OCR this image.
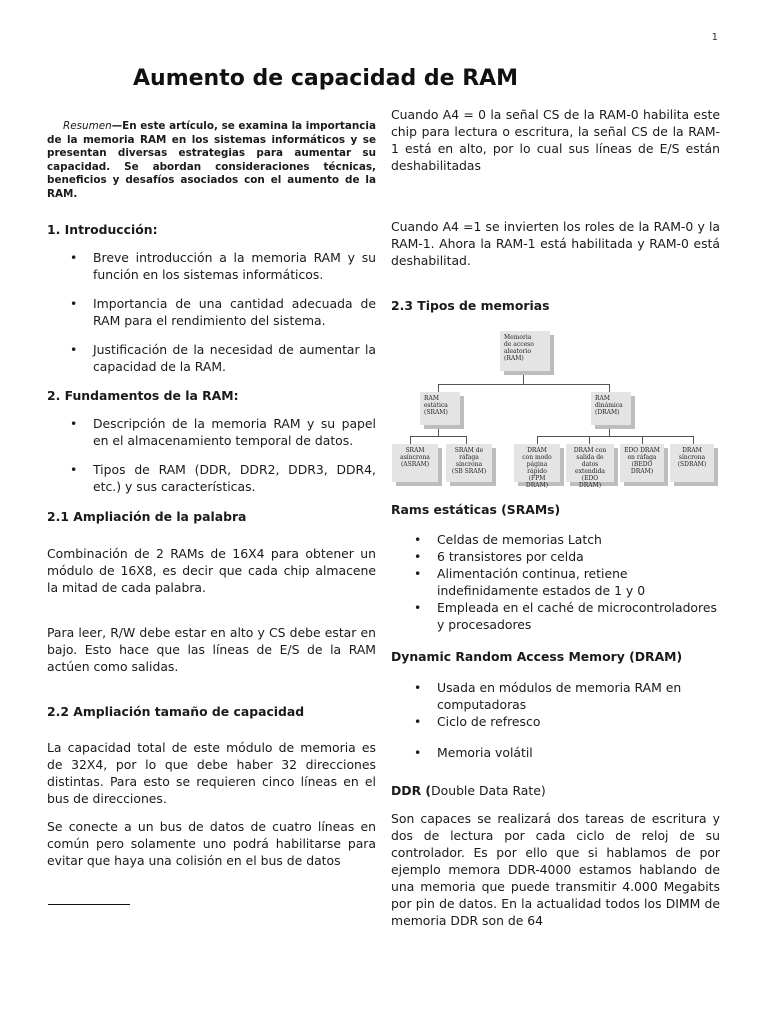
1
Aumento de capacidad de RAM

Resumen—En este artículo, se examina la importancia de la memoria RAM en los sistemas informáticos y se presentan diversas estrategias para aumentar su capacidad. Se abordan consideraciones técnicas, beneficios y desafíos asociados con el aumento de la RAM.

1. Introducción:
• Breve introducción a la memoria RAM y su función en los sistemas informáticos.
• Importancia de una cantidad adecuada de RAM para el rendimiento del sistema.
• Justificación de la necesidad de aumentar la capacidad de la RAM.
2. Fundamentos de la RAM:
• Descripción de la memoria RAM y su papel en el almacenamiento temporal de datos.
• Tipos de RAM (DDR, DDR2, DDR3, DDR4, etc.) y sus características.
2.1 Ampliación de la palabra

Combinación de 2 RAMs de 16X4 para obtener un módulo de 16X8, es decir que cada chip almacene la mitad de cada palabra.

Para leer, R/W debe estar en alto y CS debe estar en bajo. Esto hace que las líneas de E/S de la RAM actúen como salidas.

2.2 Ampliación tamaño de capacidad

La capacidad total de este módulo de memoria es de 32X4, por lo que debe haber 32 direcciones distintas. Para esto se requieren cinco líneas en el bus de direcciones.

Se conecte a un bus de datos de cuatro líneas en común pero solamente uno podrá habilitarse para evitar que haya una colisión en el bus de datos

Cuando A4 = 0 la señal CS de la RAM-0 habilita este chip para lectura o escritura, la señal CS de la RAM-1 está en alto, por lo cual sus líneas de E/S están deshabilitadas

Cuando A4 =1 se invierten los roles de la RAM-0 y la RAM-1. Ahora la RAM-1 está habilitada y RAM-0 está deshabilitad.

2.3 Tipos de memorias
Memoria
de acceso
aleatorio
(RAM)
RAM
estática
(SRAM)
RAM
dinámica
(DRAM)
SRAM
asíncrona
(ASRAM)
SRAM de
ráfaga
síncrona
(SB SRAM)
DRAM
con modo
página rápido
(FPM DRAM)
DRAM con
salida de
datos extendida
(EDO DRAM)
EDO DRAM
en ráfaga
(BEDO
DRAM)
DRAM
síncrona
(SDRAM)
Rams estáticas (SRAMs)
• Celdas de memorias Latch
• 6 transistores por celda
• Alimentación continua, retiene indefinidamente estados de 1 y 0
• Empleada en el caché de microcontroladores y procesadores
Dynamic Random Access Memory (DRAM)
• Usada en módulos de memoria RAM en computadoras
• Ciclo de refresco
• Memoria volátil
DDR (Double Data Rate)

Son capaces se realizará dos tareas de escritura y dos de lectura por cada ciclo de reloj de su controlador. Es por ello que si hablamos de por ejemplo memora DDR-4000 estamos hablando de una memoria que puede transmitir 4.000 Megabits por pin de datos. En la actualidad todos los DIMM de memoria DDR son de 64
